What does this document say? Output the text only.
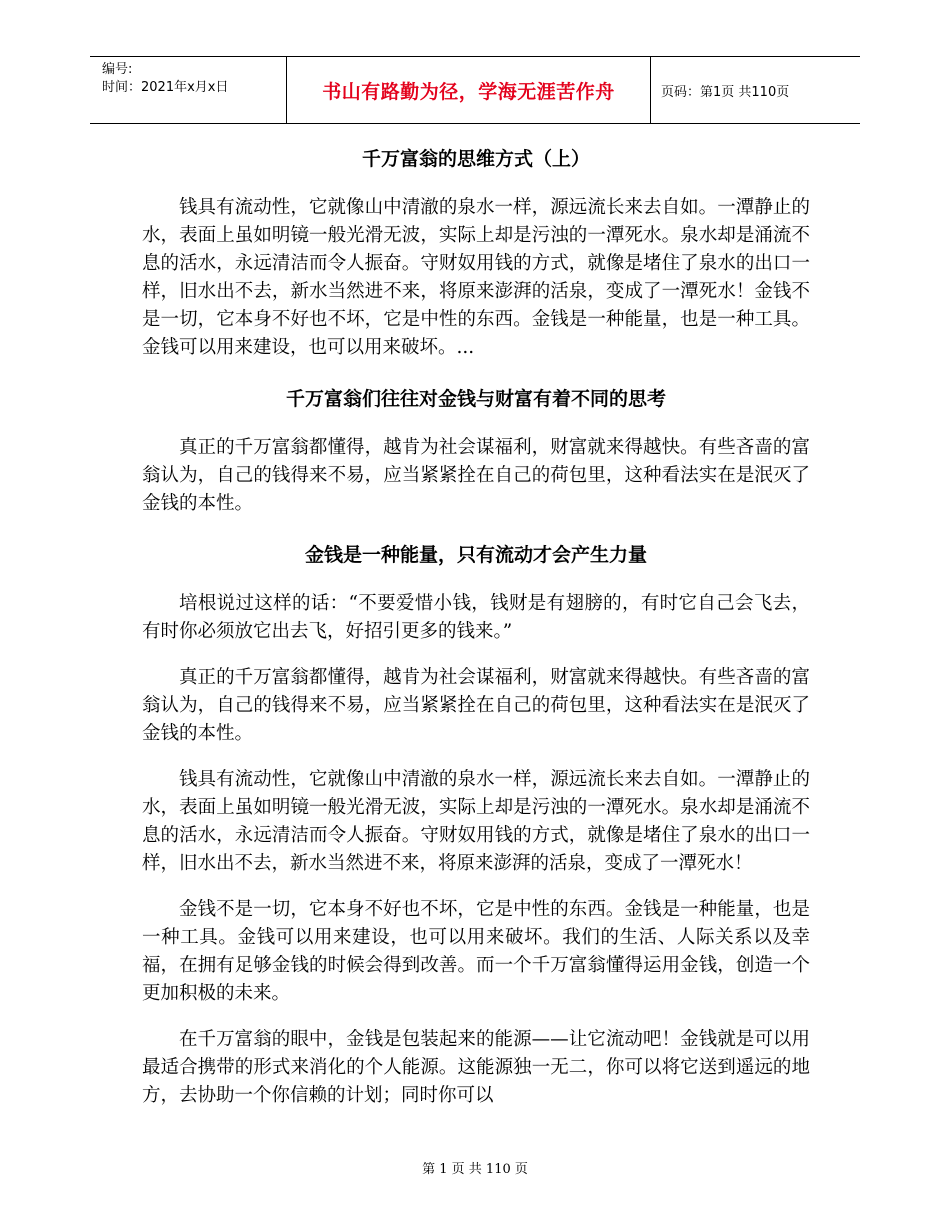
编号:
时间：2021年x月x日	书山有路勤为径，学海无涯苦作舟	页码：第1页 共110页
千万富翁的思维方式（上）

钱具有流动性，它就像山中清澈的泉水一样，源远流长来去自如。一潭静止的水，表面上虽如明镜一般光滑无波，实际上却是污浊的一潭死水。泉水却是涌流不息的活水，永远清洁而令人振奋。守财奴用钱的方式，就像是堵住了泉水的出口一样，旧水出不去，新水当然进不来，将原来澎湃的活泉，变成了一潭死水！金钱不是一切，它本身不好也不坏，它是中性的东西。金钱是一种能量，也是一种工具。金钱可以用来建设，也可以用来破坏。...

千万富翁们往往对金钱与财富有着不同的思考

真正的千万富翁都懂得，越肯为社会谋福利，财富就来得越快。有些吝啬的富翁认为，自己的钱得来不易，应当紧紧拴在自己的荷包里，这种看法实在是泯灭了金钱的本性。

金钱是一种能量，只有流动才会产生力量

培根说过这样的话：“不要爱惜小钱，钱财是有翅膀的，有时它自己会飞去，有时你必须放它出去飞，好招引更多的钱来。”

真正的千万富翁都懂得，越肯为社会谋福利，财富就来得越快。有些吝啬的富翁认为，自己的钱得来不易，应当紧紧拴在自己的荷包里，这种看法实在是泯灭了金钱的本性。

钱具有流动性，它就像山中清澈的泉水一样，源远流长来去自如。一潭静止的水，表面上虽如明镜一般光滑无波，实际上却是污浊的一潭死水。泉水却是涌流不息的活水，永远清洁而令人振奋。守财奴用钱的方式，就像是堵住了泉水的出口一样，旧水出不去，新水当然进不来，将原来澎湃的活泉，变成了一潭死水！

金钱不是一切，它本身不好也不坏，它是中性的东西。金钱是一种能量，也是一种工具。金钱可以用来建设，也可以用来破坏。我们的生活、人际关系以及幸福，在拥有足够金钱的时候会得到改善。而一个千万富翁懂得运用金钱，创造一个更加积极的未来。

在千万富翁的眼中，金钱是包装起来的能源——让它流动吧！金钱就是可以用最适合携带的形式来消化的个人能源。这能源独一无二，你可以将它送到遥远的地方，去协助一个你信赖的计划；同时你可以

第 1 页 共 110 页
